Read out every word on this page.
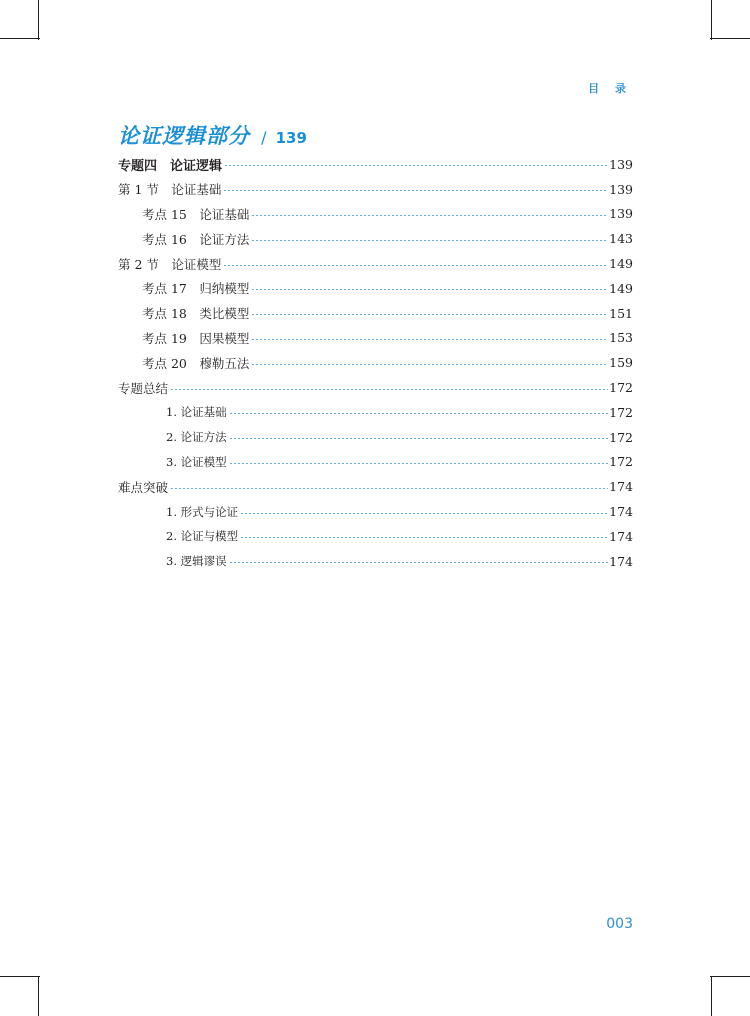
目 录
论证逻辑部分 / 139
专题四　论证逻辑	139
第 1 节　论证基础	139
考点 15　论证基础	139
考点 16　论证方法	143
第 2 节　论证模型	149
考点 17　归纳模型	149
考点 18　类比模型	151
考点 19　因果模型	153
考点 20　穆勒五法	159
专题总结	172
1. 论证基础	172
2. 论证方法	172
3. 论证模型	172
难点突破	174
1. 形式与论证	174
2. 论证与模型	174
3. 逻辑谬误	174
003
